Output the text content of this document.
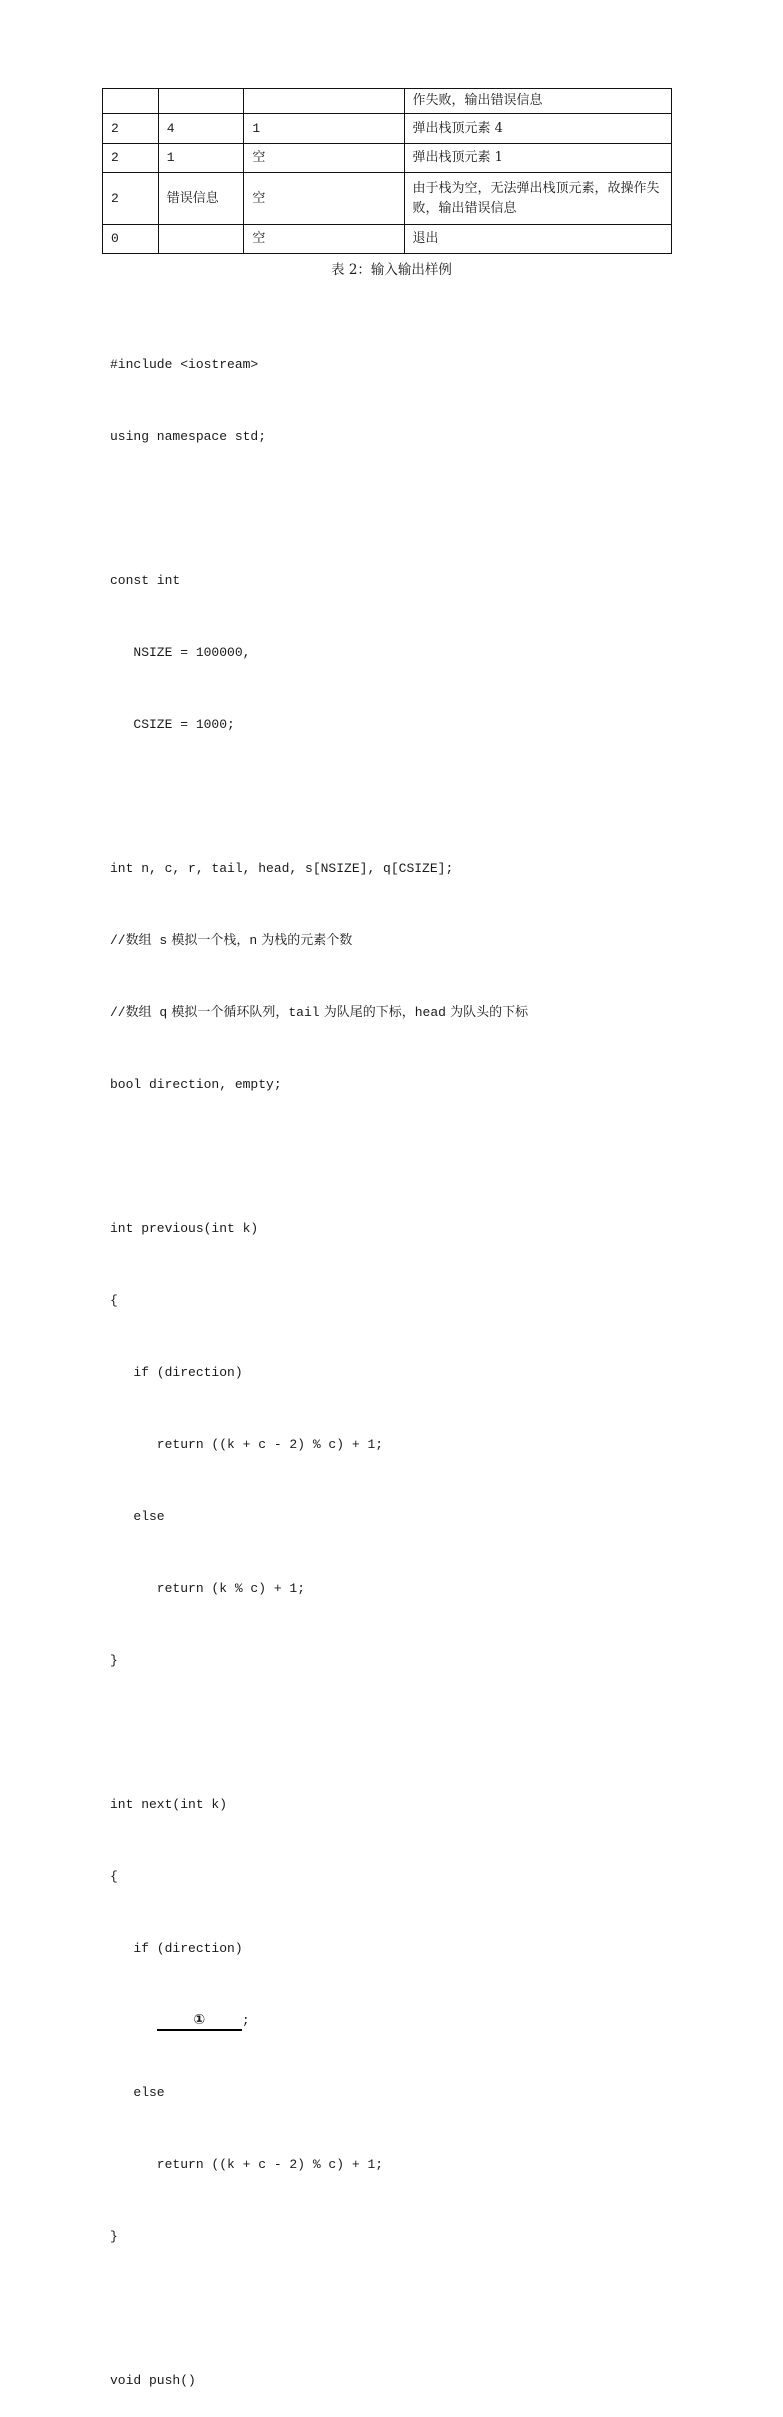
			作失败，输出错误信息
2	4	1	弹出栈顶元素 4
2	1	空	弹出栈顶元素 1
2	错误信息	空	由于栈为空，无法弹出栈顶元素，故操作失败，输出错误信息
0		空	退出
表 2：输入输出样例

#include <iostream>

using namespace std;

const int

NSIZE = 100000,

CSIZE = 1000;

int n, c, r, tail, head, s[NSIZE], q[CSIZE];

//数组 s 模拟一个栈，n 为栈的元素个数

//数组 q 模拟一个循环队列，tail 为队尾的下标，head 为队头的下标

bool direction, empty;

int previous(int k)

{

if (direction)

return ((k + c - 2) % c) + 1;

else

return (k % c) + 1;

}

int next(int k)

{

if (direction)

①	;

else

return ((k + c - 2) % c) + 1;

}

void push()
